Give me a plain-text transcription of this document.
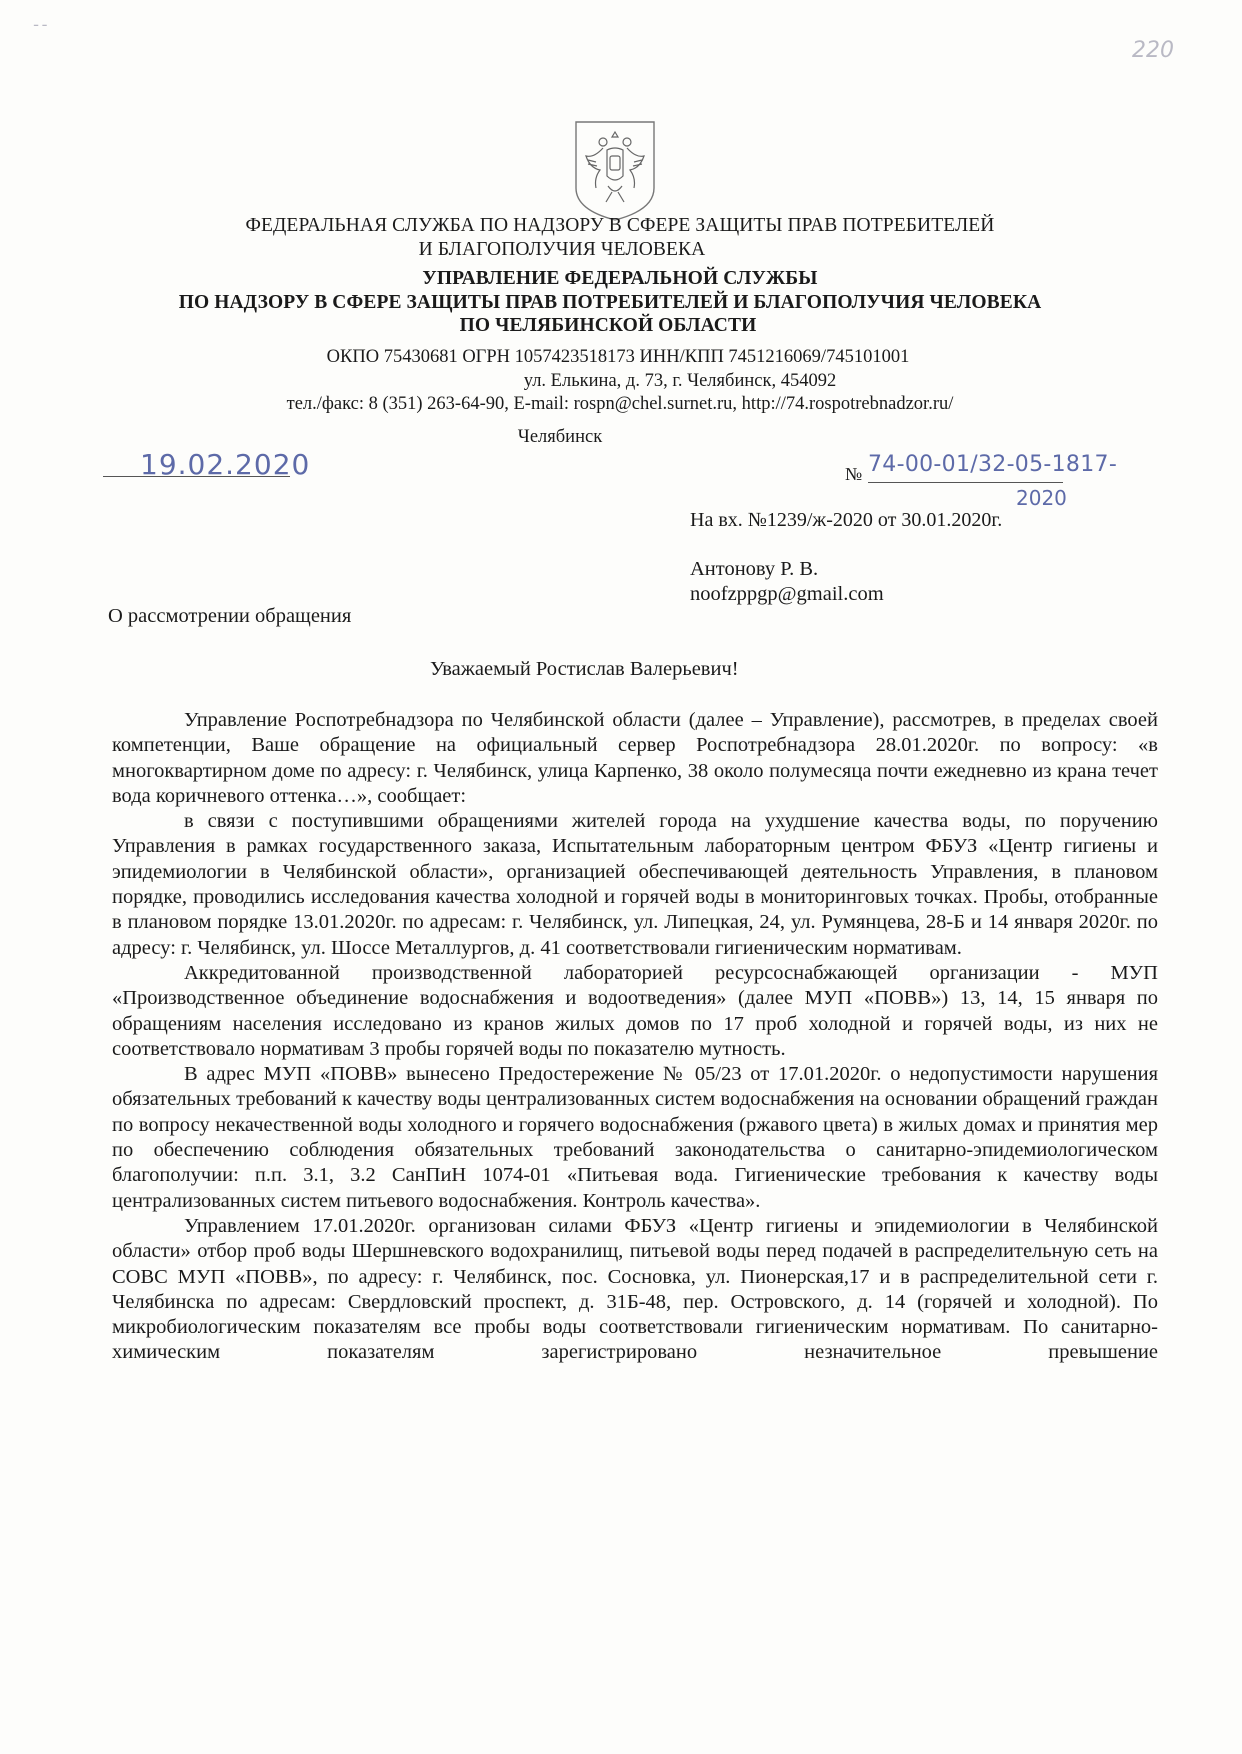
ـ ـ
220
ФЕДЕРАЛЬНАЯ СЛУЖБА ПО НАДЗОРУ В СФЕРЕ ЗАЩИТЫ ПРАВ ПОТРЕБИТЕЛЕЙ
И БЛАГОПОЛУЧИЯ ЧЕЛОВЕКА
УПРАВЛЕНИЕ ФЕДЕРАЛЬНОЙ СЛУЖБЫ
ПО НАДЗОРУ В СФЕРЕ ЗАЩИТЫ ПРАВ ПОТРЕБИТЕЛЕЙ И БЛАГОПОЛУЧИЯ ЧЕЛОВЕКА
ПО ЧЕЛЯБИНСКОЙ ОБЛАСТИ
ОКПО 75430681 ОГРН 1057423518173 ИНН/КПП 7451216069/745101001
ул. Елькина, д. 73, г. Челябинск, 454092
тел./факс: 8 (351) 263-64-90, E-mail: rospn@chel.surnet.ru, http://74.rospotrebnadzor.ru/
Челябинск
19.02.2020	№ 74-00-01/32-05-1817-
2020
На вх. №1239/ж-2020 от 30.01.2020г.
Антонову Р. В.
noofzppgp@gmail.com
О рассмотрении обращения
Уважаемый Ростислав Валерьевич!

Управление Роспотребнадзора по Челябинской области (далее – Управление), рассмотрев, в пределах своей компетенции, Ваше обращение на официальный сервер Роспотребнадзора 28.01.2020г. по вопросу: «в многоквартирном доме по адресу: г. Челябинск, улица Карпенко, 38 около полумесяца почти ежедневно из крана течет вода коричневого оттенка…», сообщает:

в связи с поступившими обращениями жителей города на ухудшение качества воды, по поручению Управления в рамках государственного заказа, Испытательным лабораторным центром ФБУЗ «Центр гигиены и эпидемиологии в Челябинской области», организацией обеспечивающей деятельность Управления, в плановом порядке, проводились исследования качества холодной и горячей воды в мониторинговых точках. Пробы, отобранные в плановом порядке 13.01.2020г. по адресам: г. Челябинск, ул. Липецкая, 24, ул. Румянцева, 28-Б и 14 января 2020г. по адресу: г. Челябинск, ул. Шоссе Металлургов, д. 41 соответствовали гигиеническим нормативам.

Аккредитованной производственной лабораторией ресурсоснабжающей организации - МУП «Производственное объединение водоснабжения и водоотведения» (далее МУП «ПОВВ») 13, 14, 15 января по обращениям населения исследовано из кранов жилых домов по 17 проб холодной и горячей воды, из них не соответствовало нормативам 3 пробы горячей воды по показателю мутность.

В адрес МУП «ПОВВ» вынесено Предостережение № 05/23 от 17.01.2020г. о недопустимости нарушения обязательных требований к качеству воды централизованных систем водоснабжения на основании обращений граждан по вопросу некачественной воды холодного и горячего водоснабжения (ржавого цвета) в жилых домах и принятия мер по обеспечению соблюдения обязательных требований законодательства о санитарно-эпидемиологическом благополучии: п.п. 3.1, 3.2 СанПиН 1074-01 «Питьевая вода. Гигиенические требования к качеству воды централизованных систем питьевого водоснабжения. Контроль качества».

Управлением 17.01.2020г. организован силами ФБУЗ «Центр гигиены и эпидемиологии в Челябинской области» отбор проб воды Шершневского водохранилищ, питьевой воды перед подачей в распределительную сеть на СОВС МУП «ПОВВ», по адресу: г. Челябинск, пос. Сосновка, ул. Пионерская,17 и в распределительной сети г. Челябинска по адресам: Свердловский проспект, д. 31Б-48, пер. Островского, д. 14 (горячей и холодной). По микробиологическим показателям все пробы воды соответствовали гигиеническим нормативам. По санитарно-химическим показателям зарегистрировано незначительное превышение
